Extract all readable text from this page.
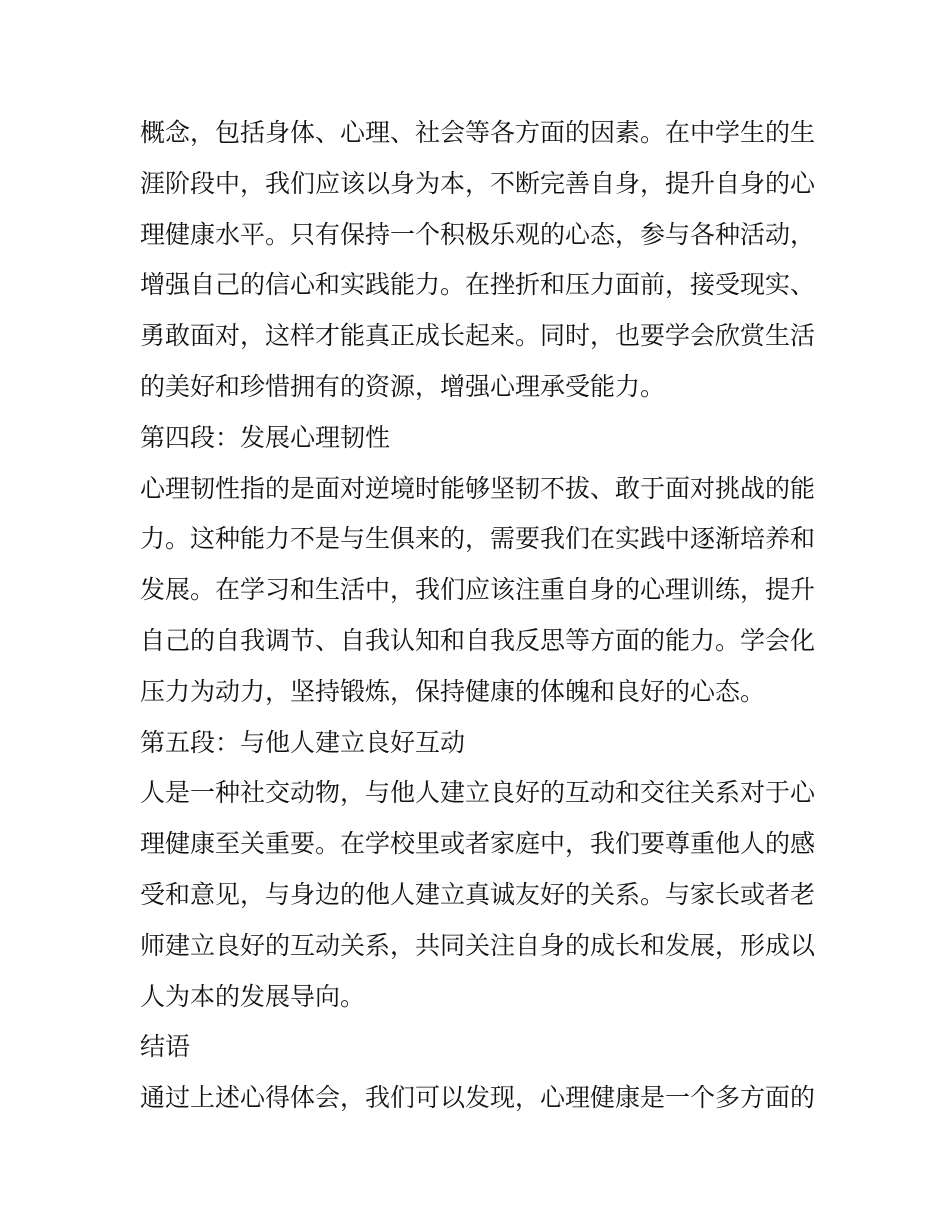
概念，包括身体、心理、社会等各方面的因素。在中学生的生
涯阶段中，我们应该以身为本，不断完善自身，提升自身的心
理健康水平。只有保持一个积极乐观的心态，参与各种活动，
增强自己的信心和实践能力。在挫折和压力面前，接受现实、
勇敢面对，这样才能真正成长起来。同时，也要学会欣赏生活
的美好和珍惜拥有的资源，增强心理承受能力。
第四段：发展心理韧性
心理韧性指的是面对逆境时能够坚韧不拔、敢于面对挑战的能
力。这种能力不是与生俱来的，需要我们在实践中逐渐培养和
发展。在学习和生活中，我们应该注重自身的心理训练，提升
自己的自我调节、自我认知和自我反思等方面的能力。学会化
压力为动力，坚持锻炼，保持健康的体魄和良好的心态。
第五段：与他人建立良好互动
人是一种社交动物，与他人建立良好的互动和交往关系对于心
理健康至关重要。在学校里或者家庭中，我们要尊重他人的感
受和意见，与身边的他人建立真诚友好的关系。与家长或者老
师建立良好的互动关系，共同关注自身的成长和发展，形成以
人为本的发展导向。
结语
通过上述心得体会，我们可以发现，心理健康是一个多方面的
